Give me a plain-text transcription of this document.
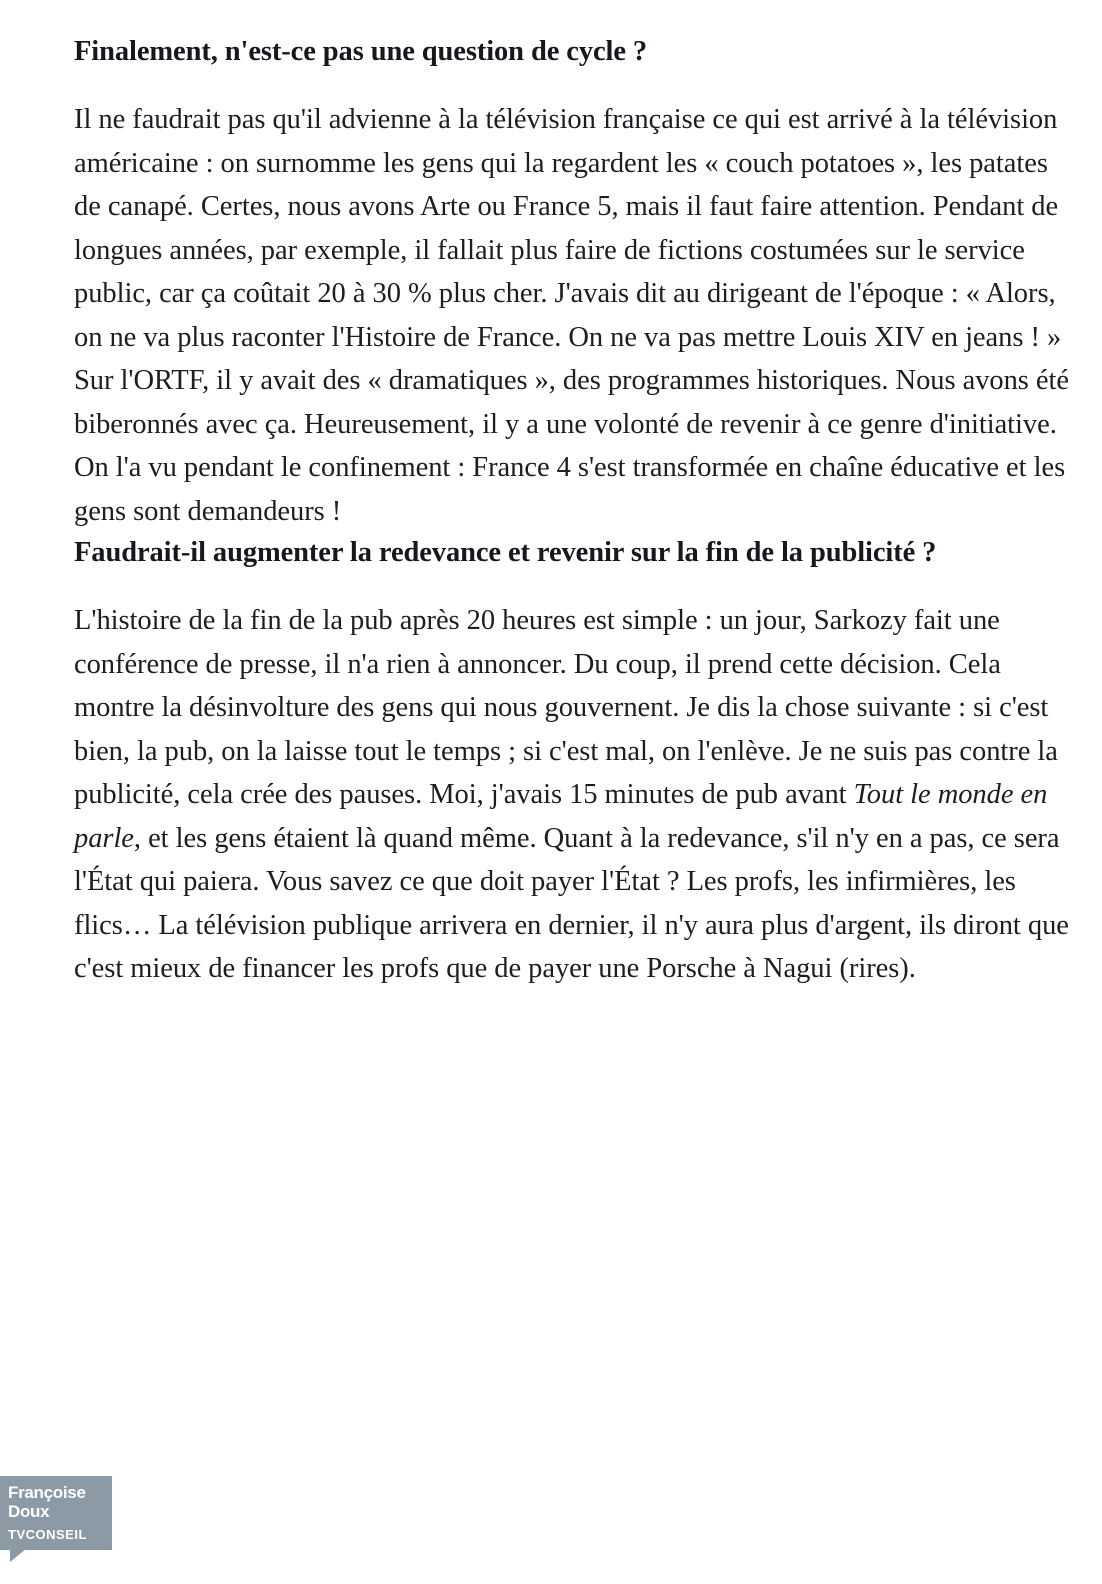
Finalement, n'est-ce pas une question de cycle ?

Il ne faudrait pas qu'il advienne à la télévision française ce qui est arrivé à la télévision américaine : on surnomme les gens qui la regardent les « couch potatoes », les patates de canapé. Certes, nous avons Arte ou France 5, mais il faut faire attention. Pendant de longues années, par exemple, il fallait plus faire de fictions costumées sur le service public, car ça coûtait 20 à 30 % plus cher. J'avais dit au dirigeant de l'époque : « Alors, on ne va plus raconter l'Histoire de France. On ne va pas mettre Louis XIV en jeans ! » Sur l'ORTF, il y avait des « dramatiques », des programmes historiques. Nous avons été biberonnés avec ça. Heureusement, il y a une volonté de revenir à ce genre d'initiative. On l'a vu pendant le confinement : France 4 s'est transformée en chaîne éducative et les gens sont demandeurs !

Faudrait-il augmenter la redevance et revenir sur la fin de la publicité ?

L'histoire de la fin de la pub après 20 heures est simple : un jour, Sarkozy fait une conférence de presse, il n'a rien à annoncer. Du coup, il prend cette décision. Cela montre la désinvolture des gens qui nous gouvernent. Je dis la chose suivante : si c'est bien, la pub, on la laisse tout le temps ; si c'est mal, on l'enlève. Je ne suis pas contre la publicité, cela crée des pauses. Moi, j'avais 15 minutes de pub avant Tout le monde en parle, et les gens étaient là quand même. Quant à la redevance, s'il n'y en a pas, ce sera l'État qui paiera. Vous savez ce que doit payer l'État ? Les profs, les infirmières, les flics… La télévision publique arrivera en dernier, il n'y aura plus d'argent, ils diront que c'est mieux de financer les profs que de payer une Porsche à Nagui (rires).

Françoise Doux
TVCONSEIL
